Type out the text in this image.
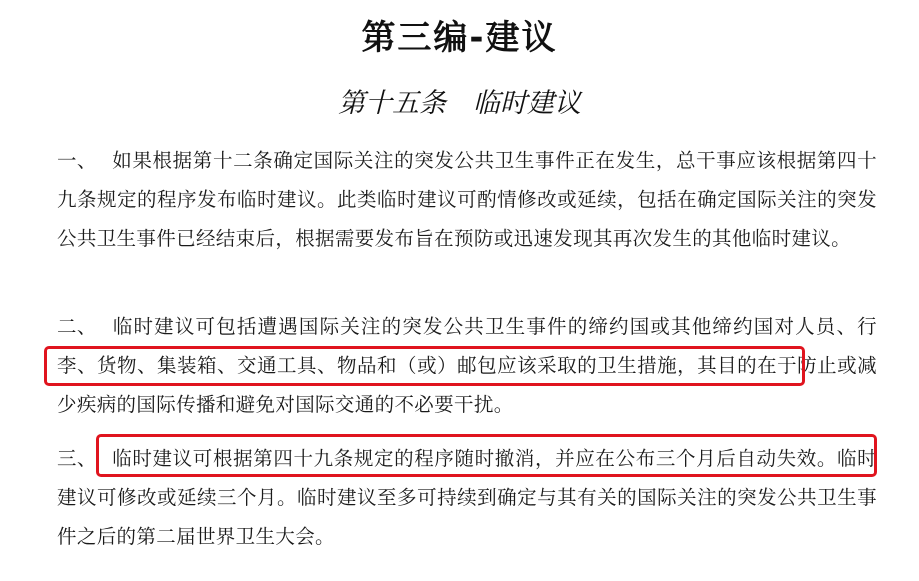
第三编-建议
第十五条　临时建议
一、 如果根据第十二条确定国际关注的突发公共卫生事件正在发生，总干事应该根据第四十九条规定的程序发布临时建议。此类临时建议可酌情修改或延续，包括在确定国际关注的突发公共卫生事件已经结束后，根据需要发布旨在预防或迅速发现其再次发生的其他临时建议。
二、 临时建议可包括遭遇国际关注的突发公共卫生事件的缔约国或其他缔约国对人员、行李、货物、集装箱、交通工具、物品和（或）邮包应该采取的卫生措施，其目的在于防止或减少疾病的国际传播和避免对国际交通的不必要干扰。
三、 临时建议可根据第四十九条规定的程序随时撤消，并应在公布三个月后自动失效。临时建议可修改或延续三个月。临时建议至多可持续到确定与其有关的国际关注的突发公共卫生事件之后的第二届世界卫生大会。
